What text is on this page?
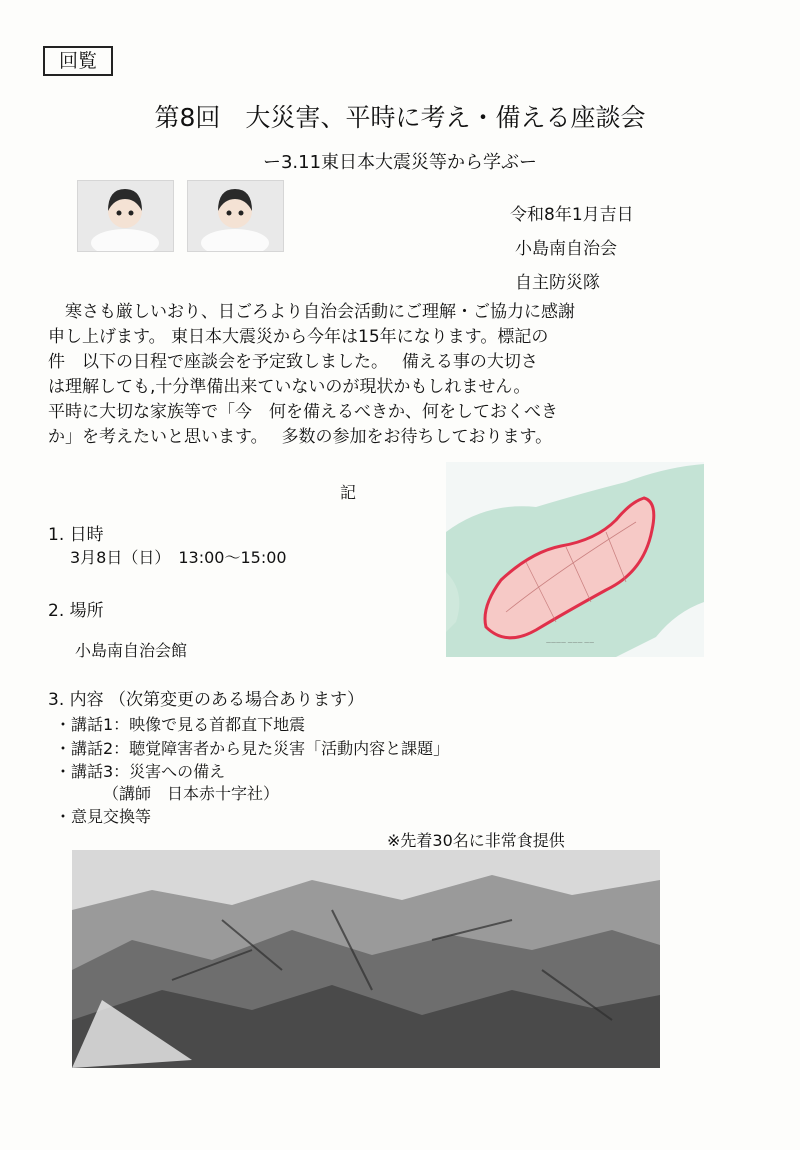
回覧
第8回　大災害、平時に考え・備える座談会
ー3.11東日本大震災等から学ぶー
令和8年1月吉日
小島南自治会
自主防災隊

　寒さも厳しいおり、日ごろより自治会活動にご理解・ご協力に感謝

申し上げます。 東日本大震災から今年は15年になります。標記の

件　以下の日程で座談会を予定致しました。　 備える事の大切さ

は理解しても,十分準備出来ていないのが現状かもしれません。

平時に大切な家族等で「今　何を備えるべきか、何をしておくべき

か」を考えたいと思います。　 多数の参加をお待ちしております。

記
———— ——— ——
1. 日時
3月8日（日）　13:00～15:00
2. 場所
小島南自治会館
3. 内容 （次第変更のある場合あります）
・講話1：映像で見る首都直下地震
・講話2：聴覚障害者から見た災害「活動内容と課題」
・講話3：災害への備え
（講師　日本赤十字社）
・意見交換等
※先着30名に非常食提供
